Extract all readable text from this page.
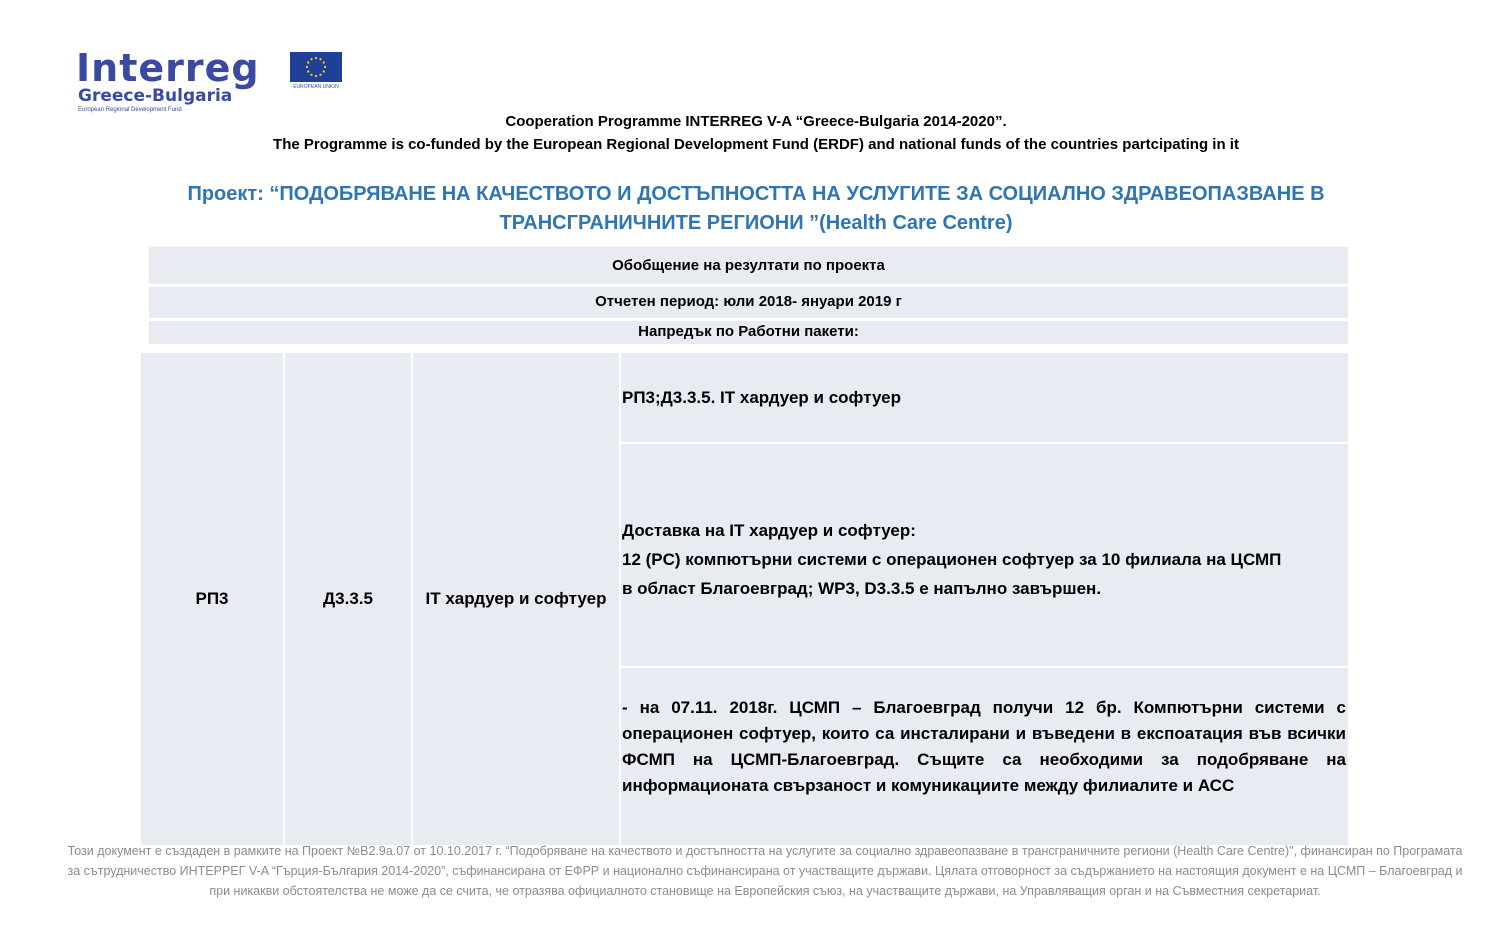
Interreg
Greece-Bulgaria
European Regional Development Fund
EUROPEAN UNION
Cooperation Programme INTERREG V-A “Greece-Bulgaria 2014-2020”.
The Programme is co-funded by the European Regional Development Fund (ERDF) and national funds of the countries partcipating in it
Проект: “ПОДОБРЯВАНЕ НА КАЧЕСТВОТО И ДОСТЪПНОСТТА НА УСЛУГИТЕ ЗА СОЦИАЛНО ЗДРАВЕОПАЗВАНЕ В ТРАНСГРАНИЧНИТЕ РЕГИОНИ ”(Health Care Centre)
Обобщение на резултати по проекта
Отчетен период: юли 2018- януари 2019 г
Напредък по Работни пакети:
РП3	Д3.3.5	IT хардуер и софтуер
РП3;Д3.3.5. IT хардуер и софтуер
Доставка на IT хардуер и софтуер:
12 (PC) компютърни системи с операционен софтуер за 10 филиала на ЦСМП
в област Благоевград; WP3, D3.3.5 е напълно завършен.
- на 07.11. 2018г. ЦСМП – Благоевград получи 12 бр. Компютърни системи с операционен софтуер, които са инсталирани и въведени в експоатация във всички ФСМП на ЦСМП-Благоевград. Същите са необходими за подобряване на информационата свързаност и комуникациите между филиалите и АСС
Този документ е създаден в рамките на Проект №B2.9a.07 от 10.10.2017 г. “Подобряване на качеството и достъпността на услугите за социално здравеопазване в трансграничните региони (Health Care Centre)", финансиран по Програмата за сътрудничество ИНТЕРРЕГ V-A “Гърция-България 2014-2020”, съфинансирана от ЕФРР и национално съфинансирана от участващите държави. Цялата отговорност за съдържанието на настоящия документ е на ЦСМП – Благоевград и при никакви обстоятелства не може да се счита, че отразява официалното становище на Европейския съюз, на участващите държави, на Управляващия орган и на Съвместния секретариат.
